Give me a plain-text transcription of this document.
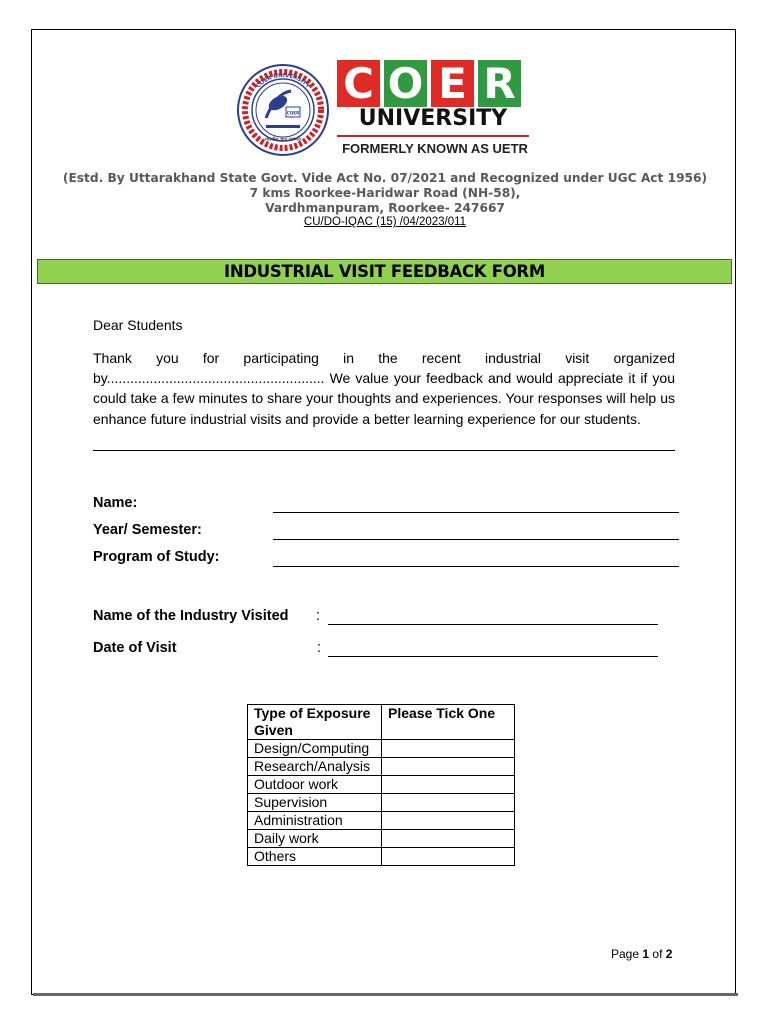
COER
COER UNIVERSITY
भारतीय ज्ञान परम्परा
C O E R
UNIVERSITY
FORMERLY KNOWN AS UETR
(Estd. By Uttarakhand State Govt. Vide Act No. 07/2021 and Recognized under UGC Act 1956)
7 kms Roorkee-Haridwar Road (NH-58),
Vardhmanpuram, Roorkee- 247667
CU/DO-IQAC (15) /04/2023/011
INDUSTRIAL VISIT FEEDBACK FORM
Dear Students
Thank you for participating in the recent industrial visit organized by........................................................ We value your feedback and would appreciate it if you could take a few minutes to share your thoughts and experiences. Your responses will help us enhance future industrial visits and provide a better learning experience for our students.
Name:
Year/ Semester:
Program of Study:
Name of the Industry Visited :
Date of Visit	:
Type of Exposure Given	Please Tick One
Design/Computing	
Research/Analysis	
Outdoor work	
Supervision	
Administration	
Daily work	
Others	
Page 1 of 2
